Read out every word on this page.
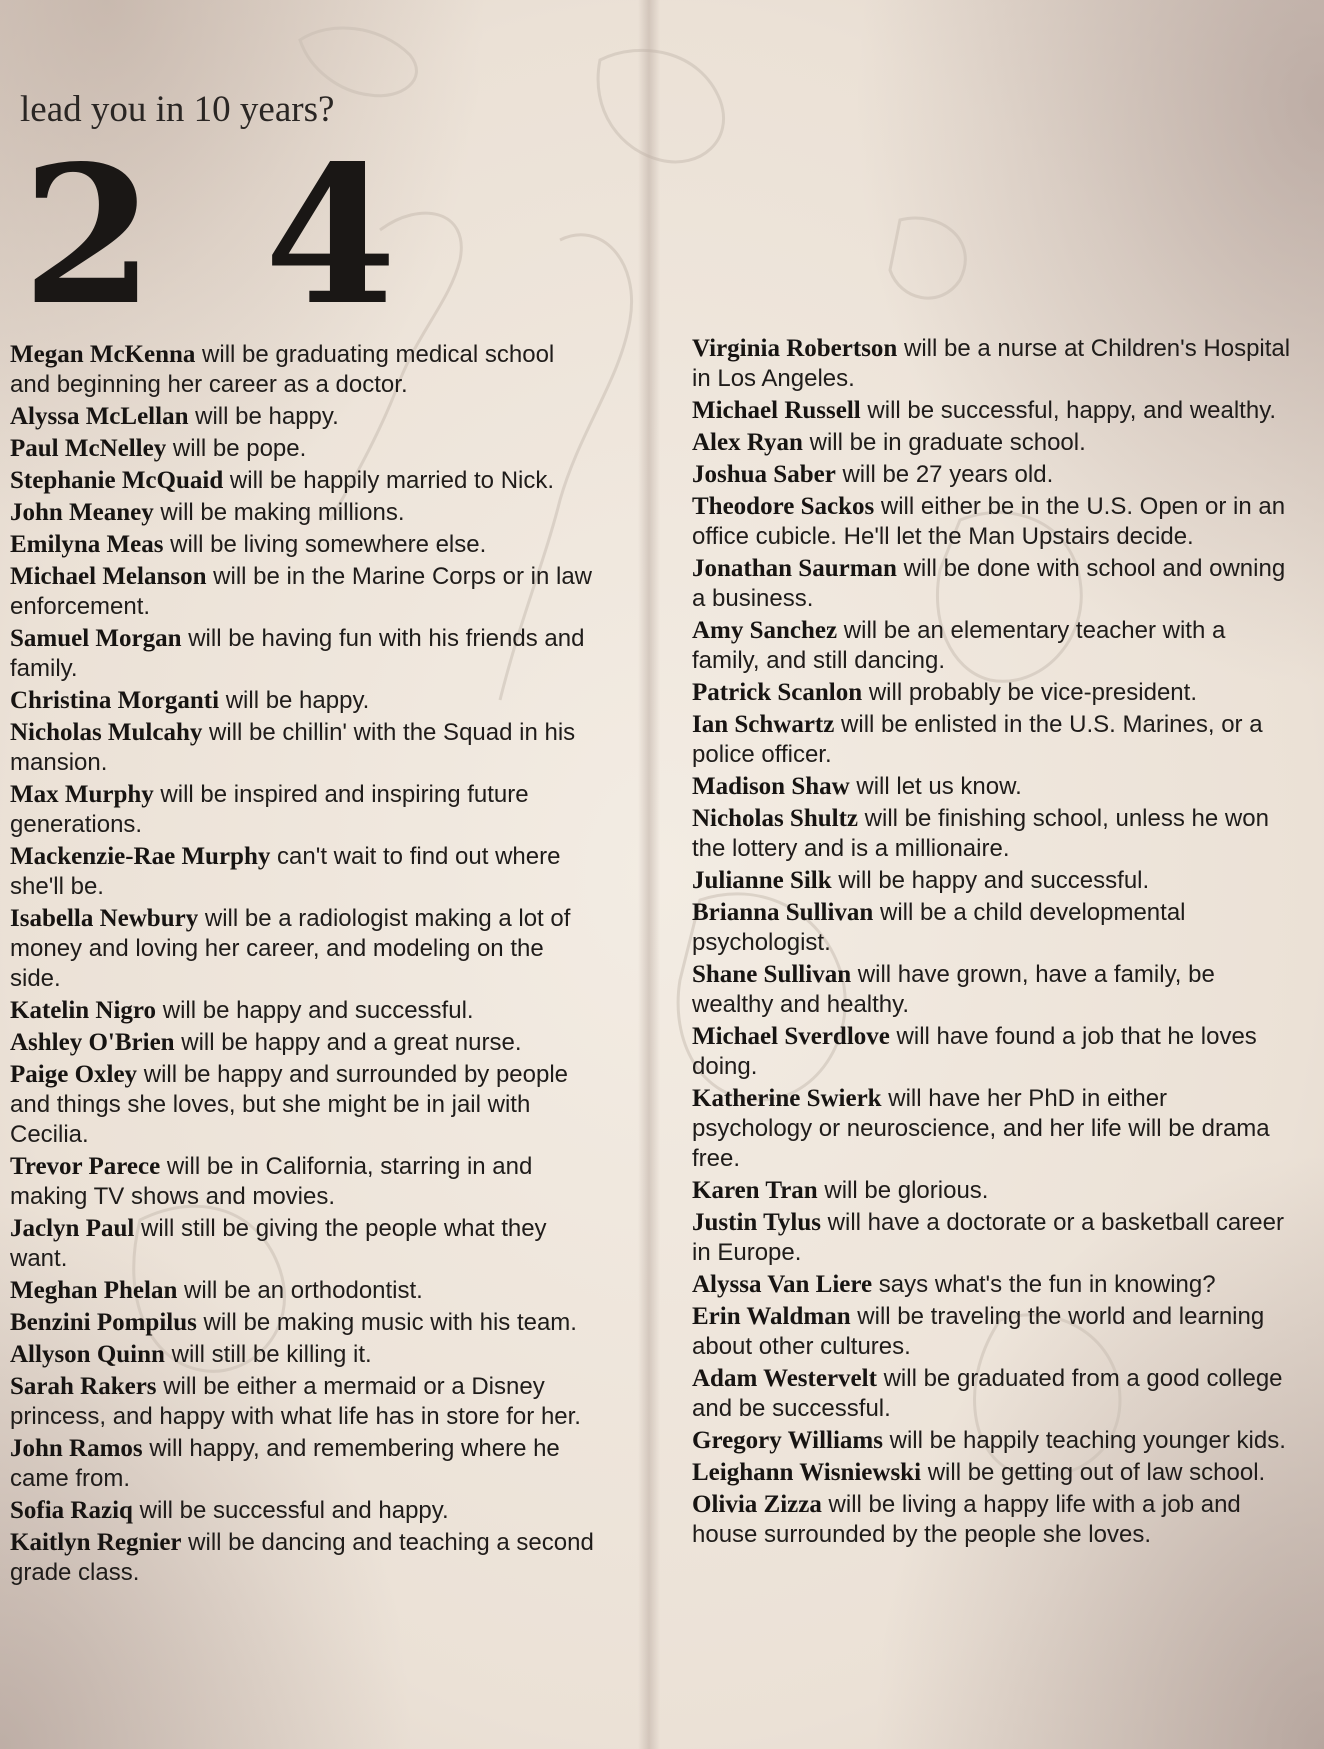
lead you in 10 years?
2 4
Megan McKenna will be graduating medical school and beginning her career as a doctor.
Alyssa McLellan will be happy.
Paul McNelley will be pope.
Stephanie McQuaid will be happily married to Nick.
John Meaney will be making millions.
Emilyna Meas will be living somewhere else.
Michael Melanson will be in the Marine Corps or in law enforcement.
Samuel Morgan will be having fun with his friends and family.
Christina Morganti will be happy.
Nicholas Mulcahy will be chillin' with the Squad in his mansion.
Max Murphy will be inspired and inspiring future generations.
Mackenzie-Rae Murphy can't wait to find out where she'll be.
Isabella Newbury will be a radiologist making a lot of money and loving her career, and modeling on the side.
Katelin Nigro will be happy and successful.
Ashley O'Brien will be happy and a great nurse.
Paige Oxley will be happy and surrounded by people and things she loves, but she might be in jail with Cecilia.
Trevor Parece will be in California, starring in and making TV shows and movies.
Jaclyn Paul will still be giving the people what they want.
Meghan Phelan will be an orthodontist.
Benzini Pompilus will be making music with his team.
Allyson Quinn will still be killing it.
Sarah Rakers will be either a mermaid or a Disney princess, and happy with what life has in store for her.
John Ramos will happy, and remembering where he came from.
Sofia Raziq will be successful and happy.
Kaitlyn Regnier will be dancing and teaching a second grade class.
Virginia Robertson will be a nurse at Children's Hospital in Los Angeles.
Michael Russell will be successful, happy, and wealthy.
Alex Ryan will be in graduate school.
Joshua Saber will be 27 years old.
Theodore Sackos will either be in the U.S. Open or in an office cubicle. He'll let the Man Upstairs decide.
Jonathan Saurman will be done with school and owning a business.
Amy Sanchez will be an elementary teacher with a family, and still dancing.
Patrick Scanlon will probably be vice-president.
Ian Schwartz will be enlisted in the U.S. Marines, or a police officer.
Madison Shaw will let us know.
Nicholas Shultz will be finishing school, unless he won the lottery and is a millionaire.
Julianne Silk will be happy and successful.
Brianna Sullivan will be a child developmental psychologist.
Shane Sullivan will have grown, have a family, be wealthy and healthy.
Michael Sverdlove will have found a job that he loves doing.
Katherine Swierk will have her PhD in either psychology or neuroscience, and her life will be drama free.
Karen Tran will be glorious.
Justin Tylus will have a doctorate or a basketball career in Europe.
Alyssa Van Liere says what's the fun in knowing?
Erin Waldman will be traveling the world and learning about other cultures.
Adam Westervelt will be graduated from a good college and be successful.
Gregory Williams will be happily teaching younger kids.
Leighann Wisniewski will be getting out of law school.
Olivia Zizza will be living a happy life with a job and house surrounded by the people she loves.
